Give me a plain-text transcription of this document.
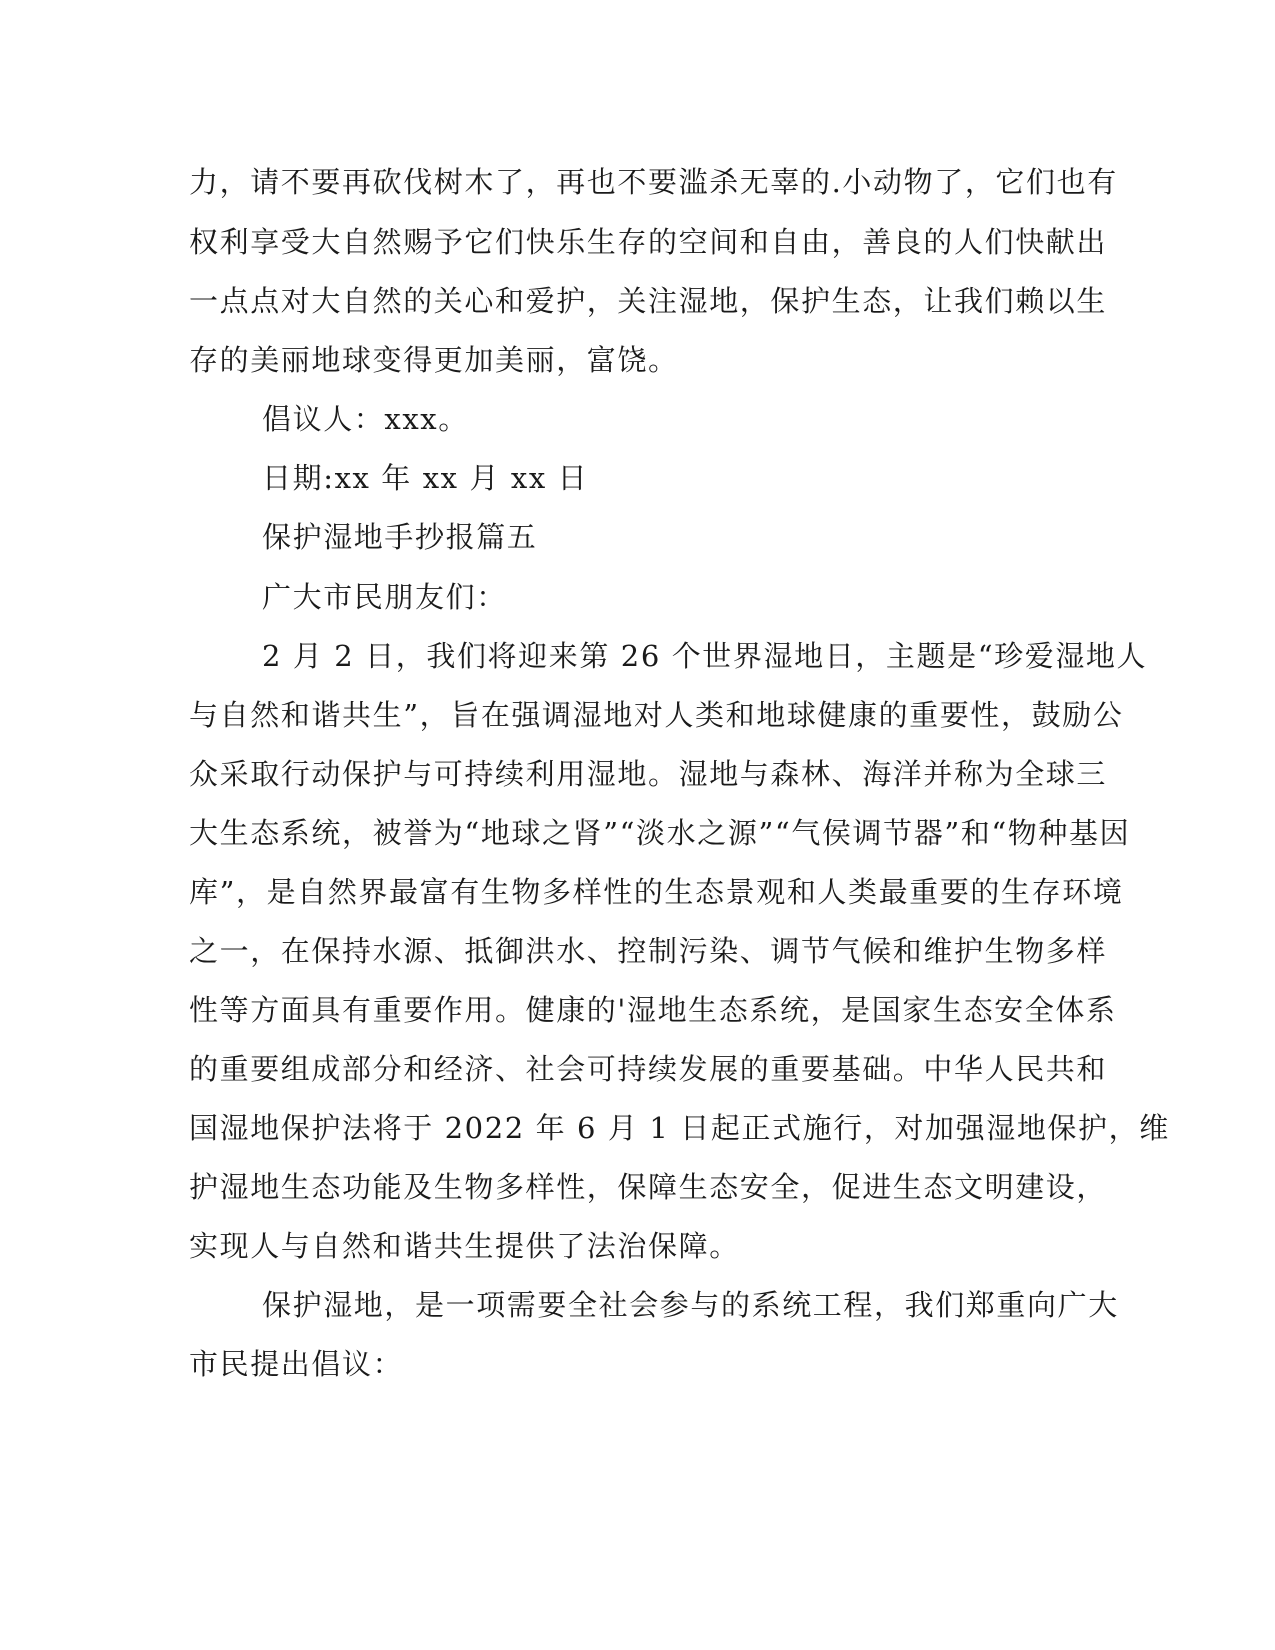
力，请不要再砍伐树木了，再也不要滥杀无辜的.小动物了，它们也有

权利享受大自然赐予它们快乐生存的空间和自由，善良的人们快献出

一点点对大自然的关心和爱护，关注湿地，保护生态，让我们赖以生

存的美丽地球变得更加美丽，富饶。

倡议人：xxx。

日期:xx 年 xx 月 xx 日

保护湿地手抄报篇五

广大市民朋友们：

2 月 2 日，我们将迎来第 26 个世界湿地日，主题是“珍爱湿地人

与自然和谐共生”，旨在强调湿地对人类和地球健康的重要性，鼓励公

众采取行动保护与可持续利用湿地。湿地与森林、海洋并称为全球三

大生态系统，被誉为“地球之肾”“淡水之源”“气侯调节器”和“物种基因

库”，是自然界最富有生物多样性的生态景观和人类最重要的生存环境

之一，在保持水源、抵御洪水、控制污染、调节气候和维护生物多样

性等方面具有重要作用。健康的'湿地生态系统，是国家生态安全体系

的重要组成部分和经济、社会可持续发展的重要基础。中华人民共和

国湿地保护法将于 2022 年 6 月 1 日起正式施行，对加强湿地保护，维

护湿地生态功能及生物多样性，保障生态安全，促进生态文明建设，

实现人与自然和谐共生提供了法治保障。

保护湿地，是一项需要全社会参与的系统工程，我们郑重向广大

市民提出倡议：
